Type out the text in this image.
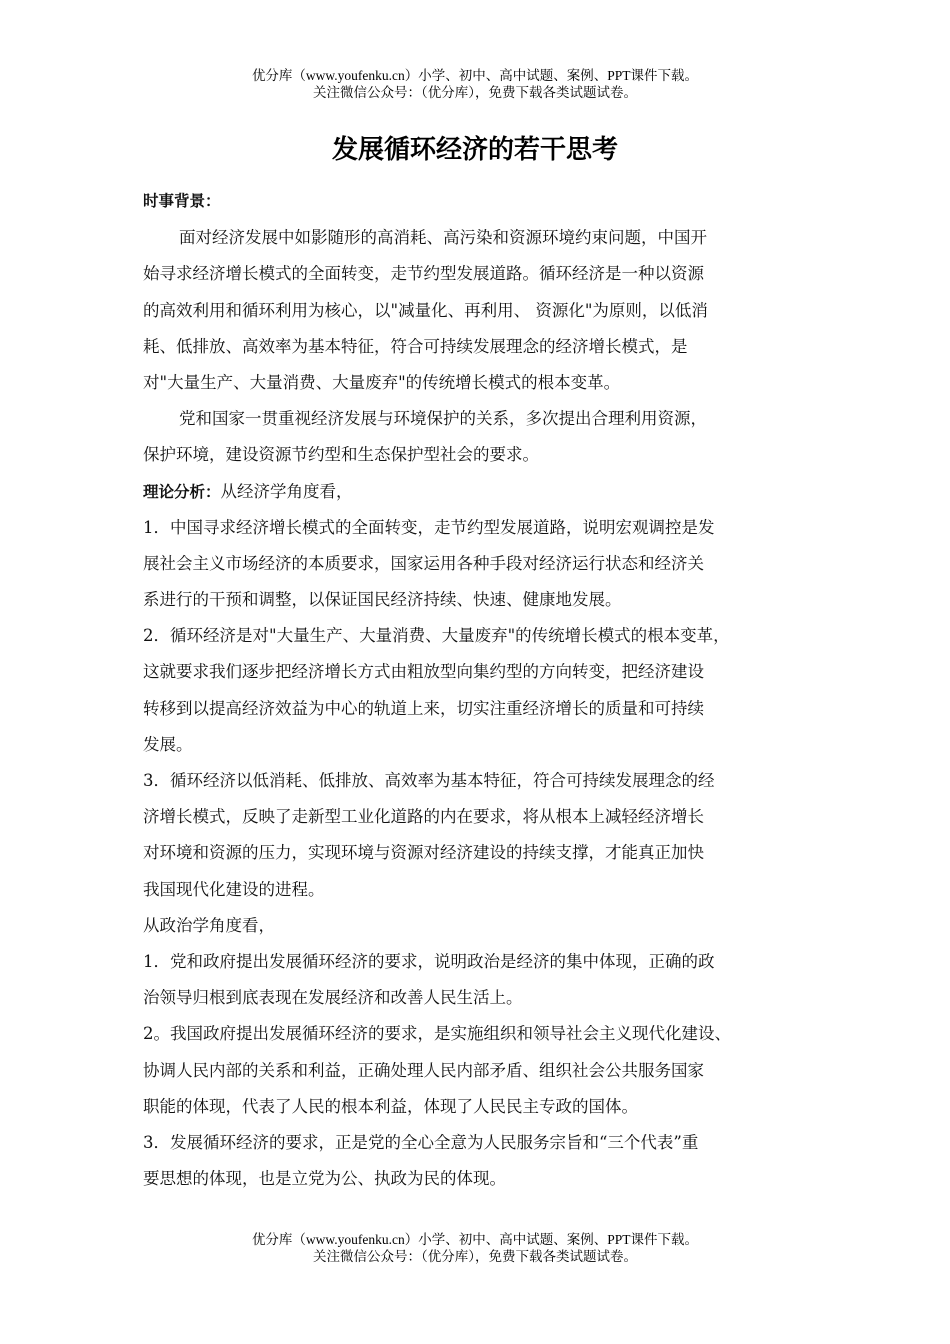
优分库（www.youfenku.cn）小学、初中、高中试题、案例、PPT课件下载。
关注微信公众号：（优分库），免费下载各类试题试卷。
发展循环经济的若干思考
时事背景：
面对经济发展中如影随形的高消耗、高污染和资源环境约束问题，中国开
始寻求经济增长模式的全面转变，走节约型发展道路。循环经济是一种以资源
的高效利用和循环利用为核心，以"减量化、再利用、 资源化"为原则，以低消
耗、低排放、高效率为基本特征，符合可持续发展理念的经济增长模式，是
对"大量生产、大量消费、大量废弃"的传统增长模式的根本变革。
党和国家一贯重视经济发展与环境保护的关系，多次提出合理利用资源，
保护环境，建设资源节约型和生态保护型社会的要求。
理论分析：从经济学角度看，
1．中国寻求经济增长模式的全面转变，走节约型发展道路，说明宏观调控是发
展社会主义市场经济的本质要求，国家运用各种手段对经济运行状态和经济关
系进行的干预和调整，以保证国民经济持续、快速、健康地发展。
2．循环经济是对"大量生产、大量消费、大量废弃"的传统增长模式的根本变革，
这就要求我们逐步把经济增长方式由粗放型向集约型的方向转变，把经济建设
转移到以提高经济效益为中心的轨道上来，切实注重经济增长的质量和可持续
发展。
3．循环经济以低消耗、低排放、高效率为基本特征，符合可持续发展理念的经
济增长模式，反映了走新型工业化道路的内在要求，将从根本上减轻经济增长
对环境和资源的压力，实现环境与资源对经济建设的持续支撑，才能真正加快
我国现代化建设的进程。
从政治学角度看，
1．党和政府提出发展循环经济的要求，说明政治是经济的集中体现，正确的政
治领导归根到底表现在发展经济和改善人民生活上。
2。我国政府提出发展循环经济的要求，是实施组织和领导社会主义现代化建设、
协调人民内部的关系和利益，正确处理人民内部矛盾、组织社会公共服务国家
职能的体现，代表了人民的根本利益，体现了人民民主专政的国体。
3．发展循环经济的要求，正是党的全心全意为人民服务宗旨和“三个代表”重
要思想的体现，也是立党为公、执政为民的体现。
优分库（www.youfenku.cn）小学、初中、高中试题、案例、PPT课件下载。
关注微信公众号：（优分库），免费下载各类试题试卷。
